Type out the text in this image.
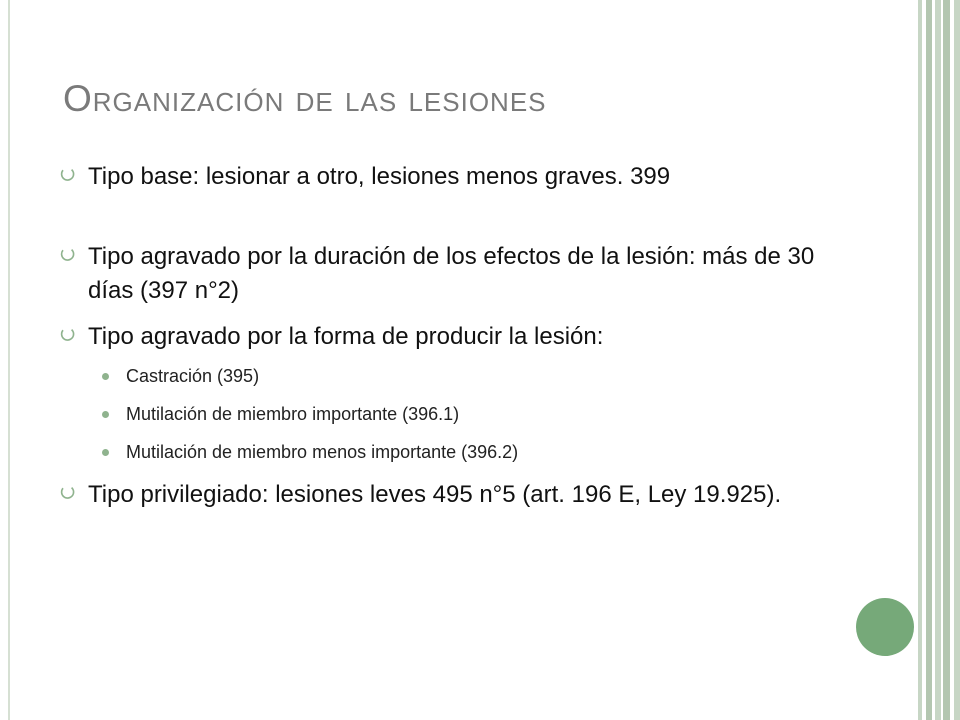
Organización de las lesiones
Tipo base: lesionar a otro, lesiones menos graves. 399
Tipo agravado por la duración de los efectos de la lesión: más de 30 días (397 n°2)
Tipo agravado por la forma de producir la lesión:
Castración (395)
Mutilación de miembro importante (396.1)
Mutilación de miembro menos importante (396.2)
Tipo privilegiado: lesiones leves 495 n°5 (art. 196 E, Ley 19.925).
